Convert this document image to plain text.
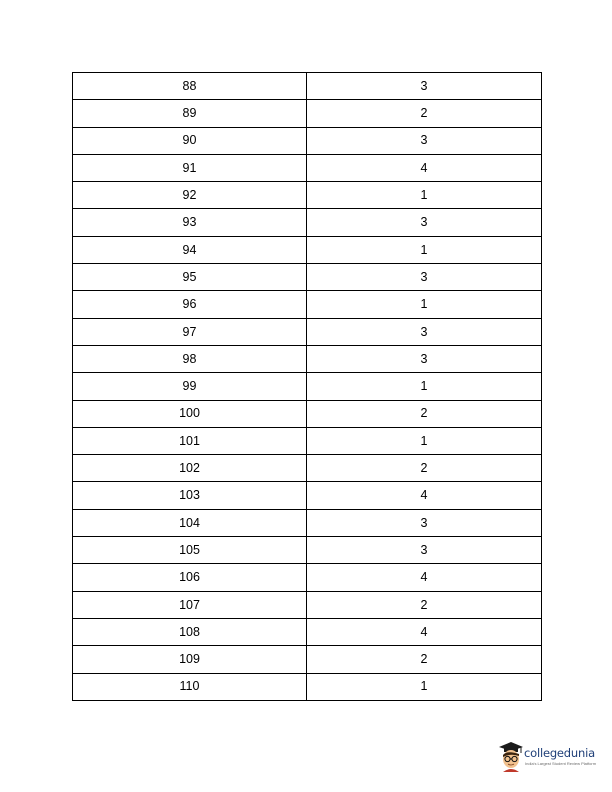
88	3
89	2
90	3
91	4
92	1
93	3
94	1
95	3
96	1
97	3
98	3
99	1
100	2
101	1
102	2
103	4
104	3
105	3
106	4
107	2
108	4
109	2
110	1
collegedunia
India's Largest Student Review Platform
